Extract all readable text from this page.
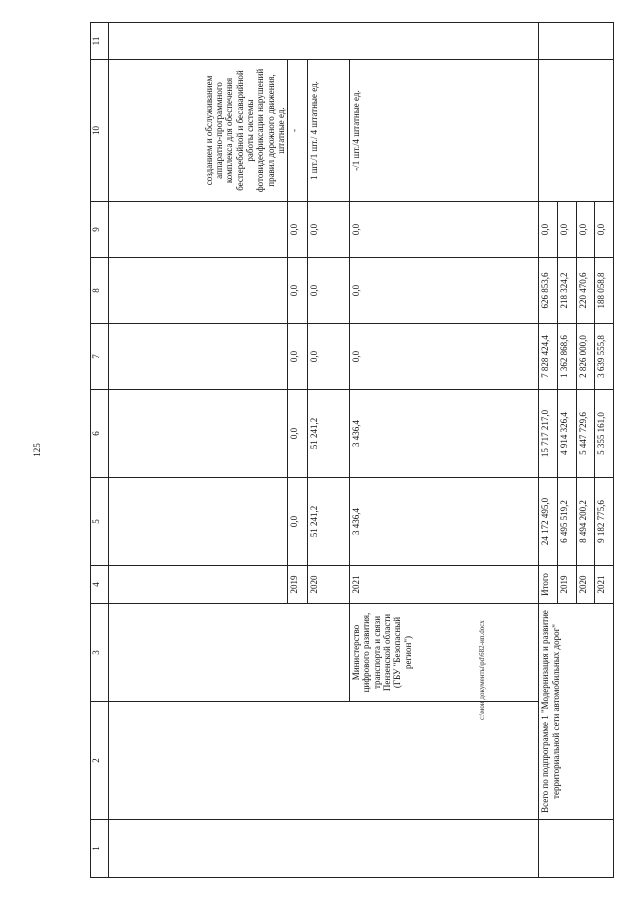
125
c:\мои документы\pd\682-ип.docx
1	2	3	4	5	6	7	8	9	10	11
									созданием и обслуживанием аппаратно-программного комплекса для обеспечения бесперебойной и бесаварийной работы системы фотовидеофиксации нарушений правил дорожного движения, штатные ед.	
			2019	0,0	0,0	0,0	0,0	0,0	-	
			2020	51 241,2	51 241,2	0,0	0,0	0,0	1 шт./1 шт./ 4 штатные ед.	
		Министерство цифрового развития, транспорта и связи Пензенской области (ГБУ "Безопасный регион")	2021	3 436,4	3 436,4	0,0	0,0	0,0	-/1 шт./4 штатные ед.	
	Всего по подпрограмме 1 "Модернизация и развитие территориальной сети автомобильных дорог"		Итого	24 172 495,0	15 717 217,0	7 828 424,4	626 853,6	0,0		
			2019	6 495 519,2	4 914 326,4	1 362 868,6	218 324,2	0,0		
			2020	8 494 200,2	5 447 729,6	2 826 000,0	220 470,6	0,0		
			2021	9 182 775,6	5 355 161,0	3 639 555,8	188 058,8	0,0		
